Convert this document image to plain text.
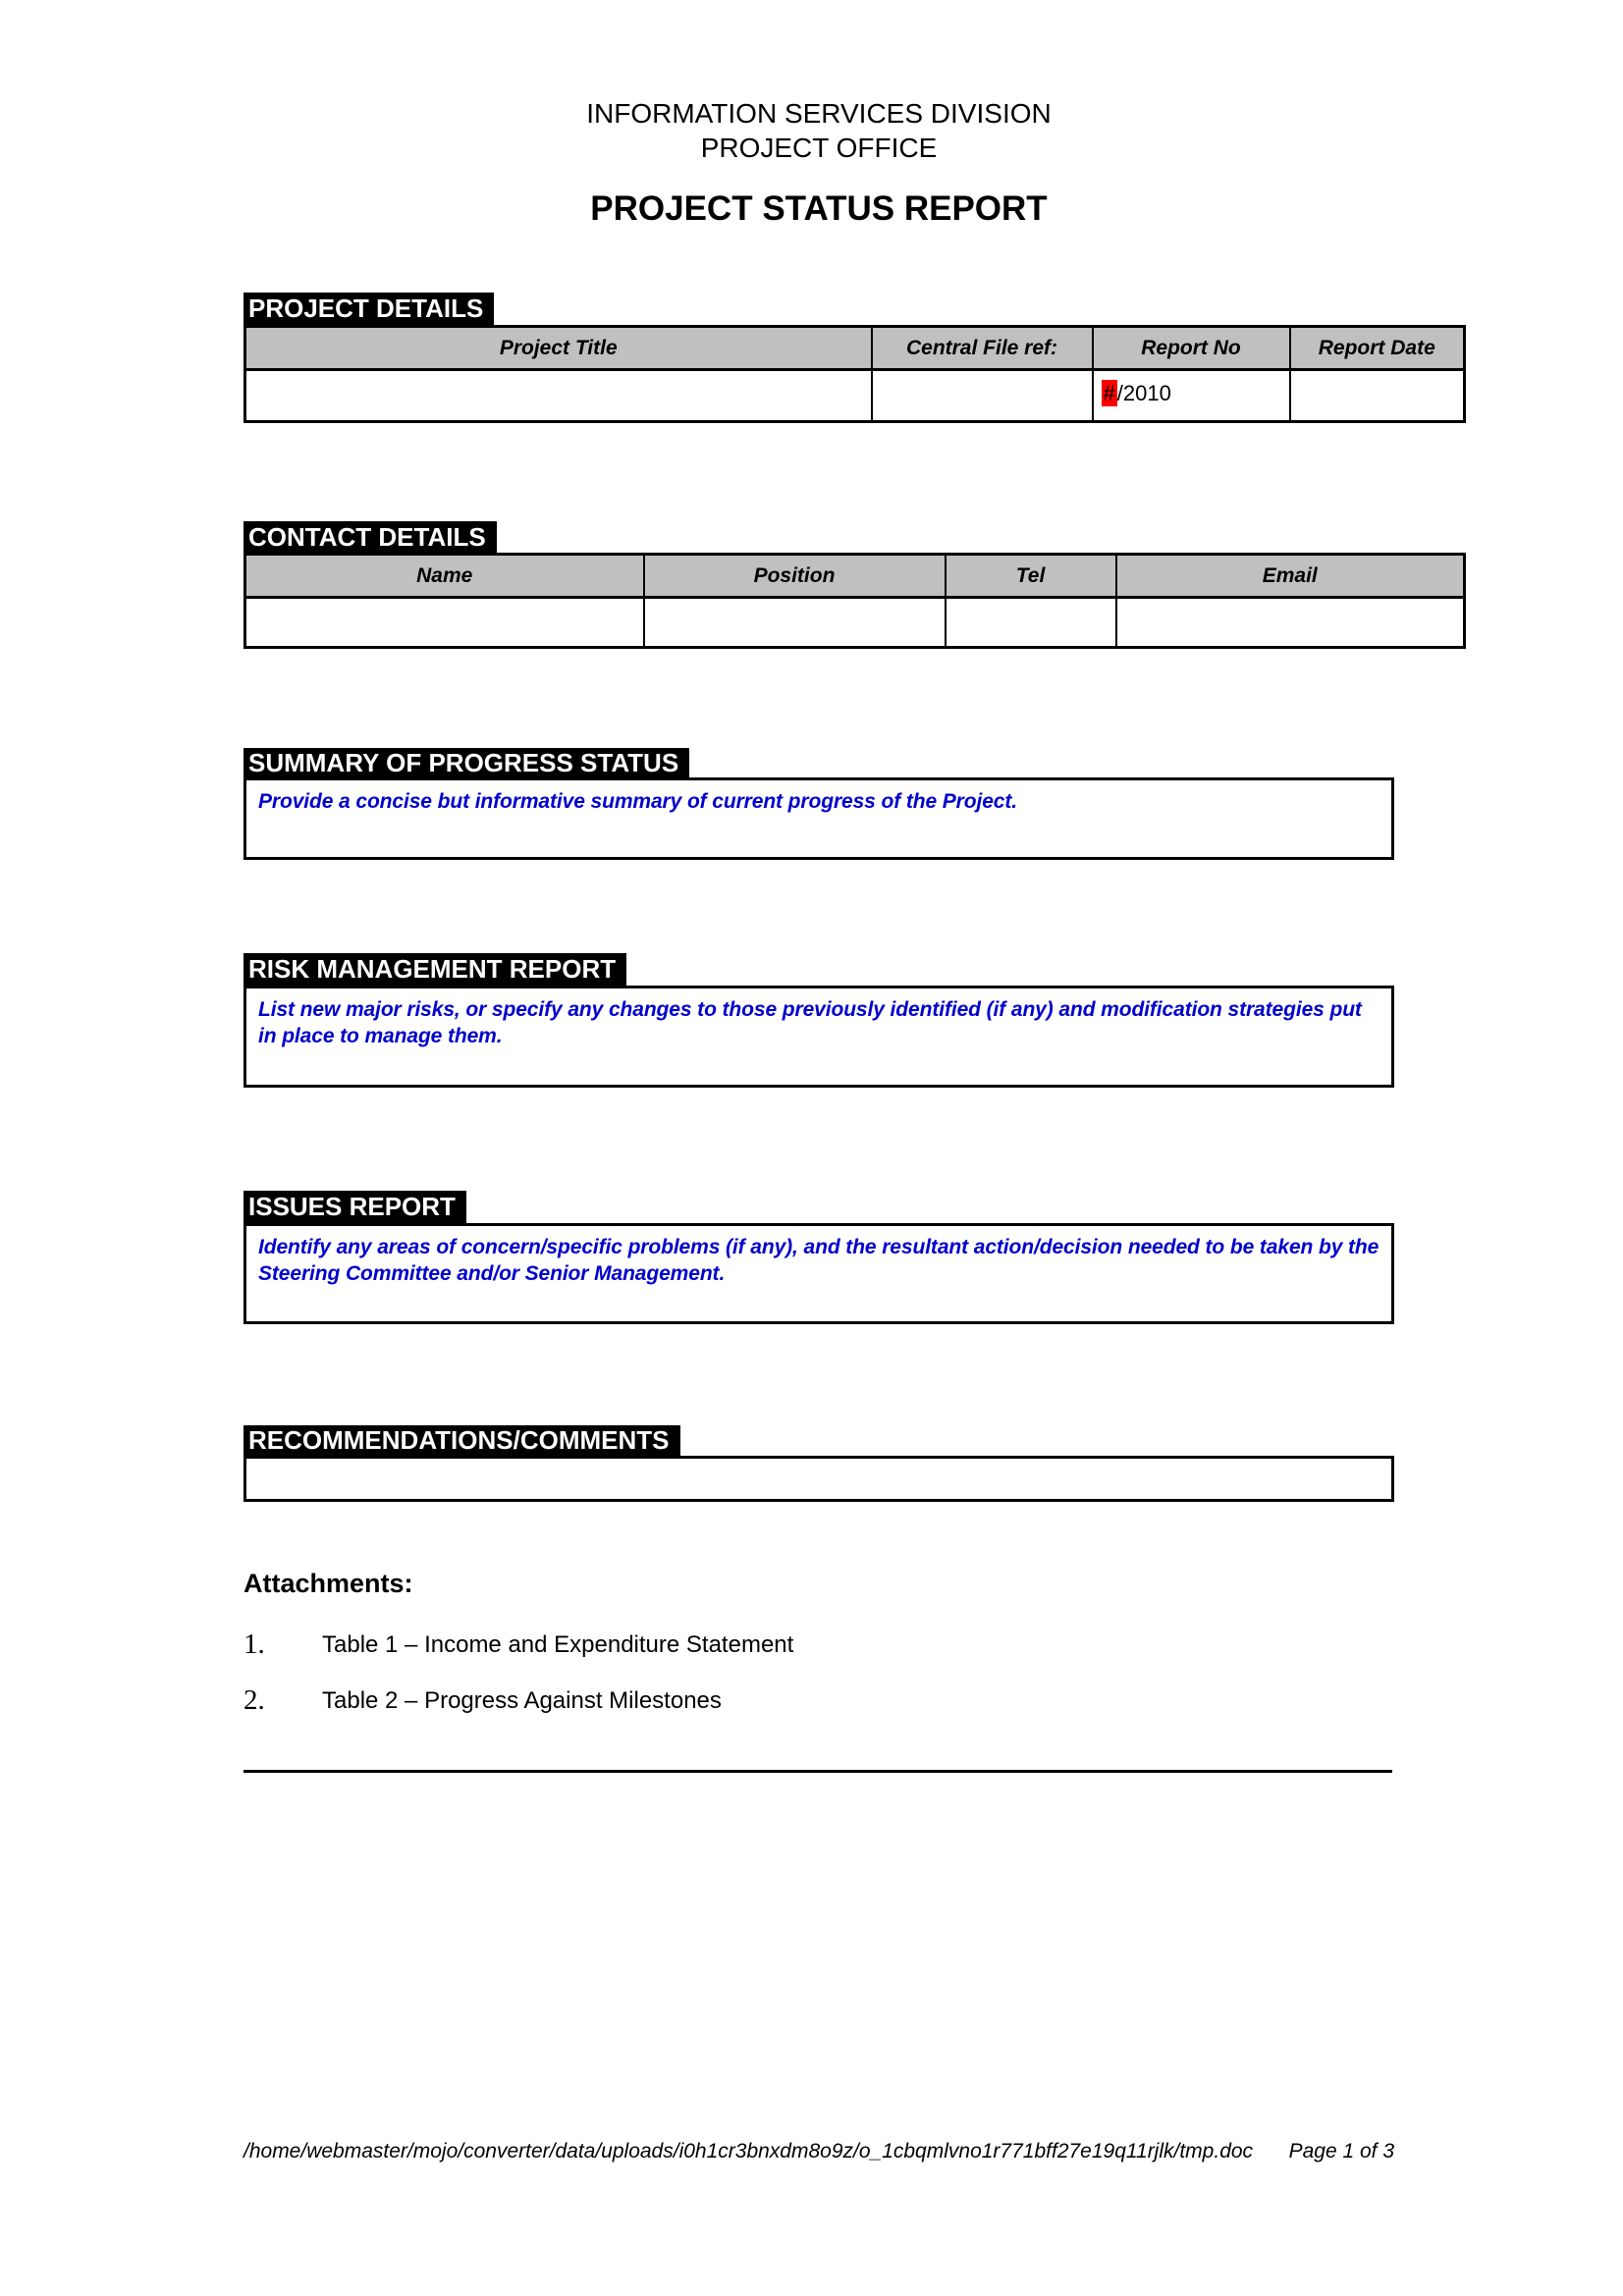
INFORMATION SERVICES DIVISION
PROJECT OFFICE
PROJECT STATUS REPORT
PROJECT DETAILS
Project Title	Central File ref:	Report No	Report Date
		#/2010	
CONTACT DETAILS
Name	Position	Tel	Email

SUMMARY OF PROGRESS STATUS
Provide a concise but informative summary of current progress of the Project.
RISK MANAGEMENT REPORT
List new major risks, or specify any changes to those previously identified (if any) and modification strategies put in place to manage them.
ISSUES REPORT
Identify any areas of concern/specific problems (if any), and the resultant action/decision needed to be taken by the Steering Committee and/or Senior Management.
RECOMMENDATIONS/COMMENTS
Attachments:
1.	Table 1 – Income and Expenditure Statement
2.	Table 2 – Progress Against Milestones
/home/webmaster/mojo/converter/data/uploads/i0h1cr3bnxdm8o9z/o_1cbqmlvno1r771bff27e19q11rjlk/tmp.doc Page 1 of 3
